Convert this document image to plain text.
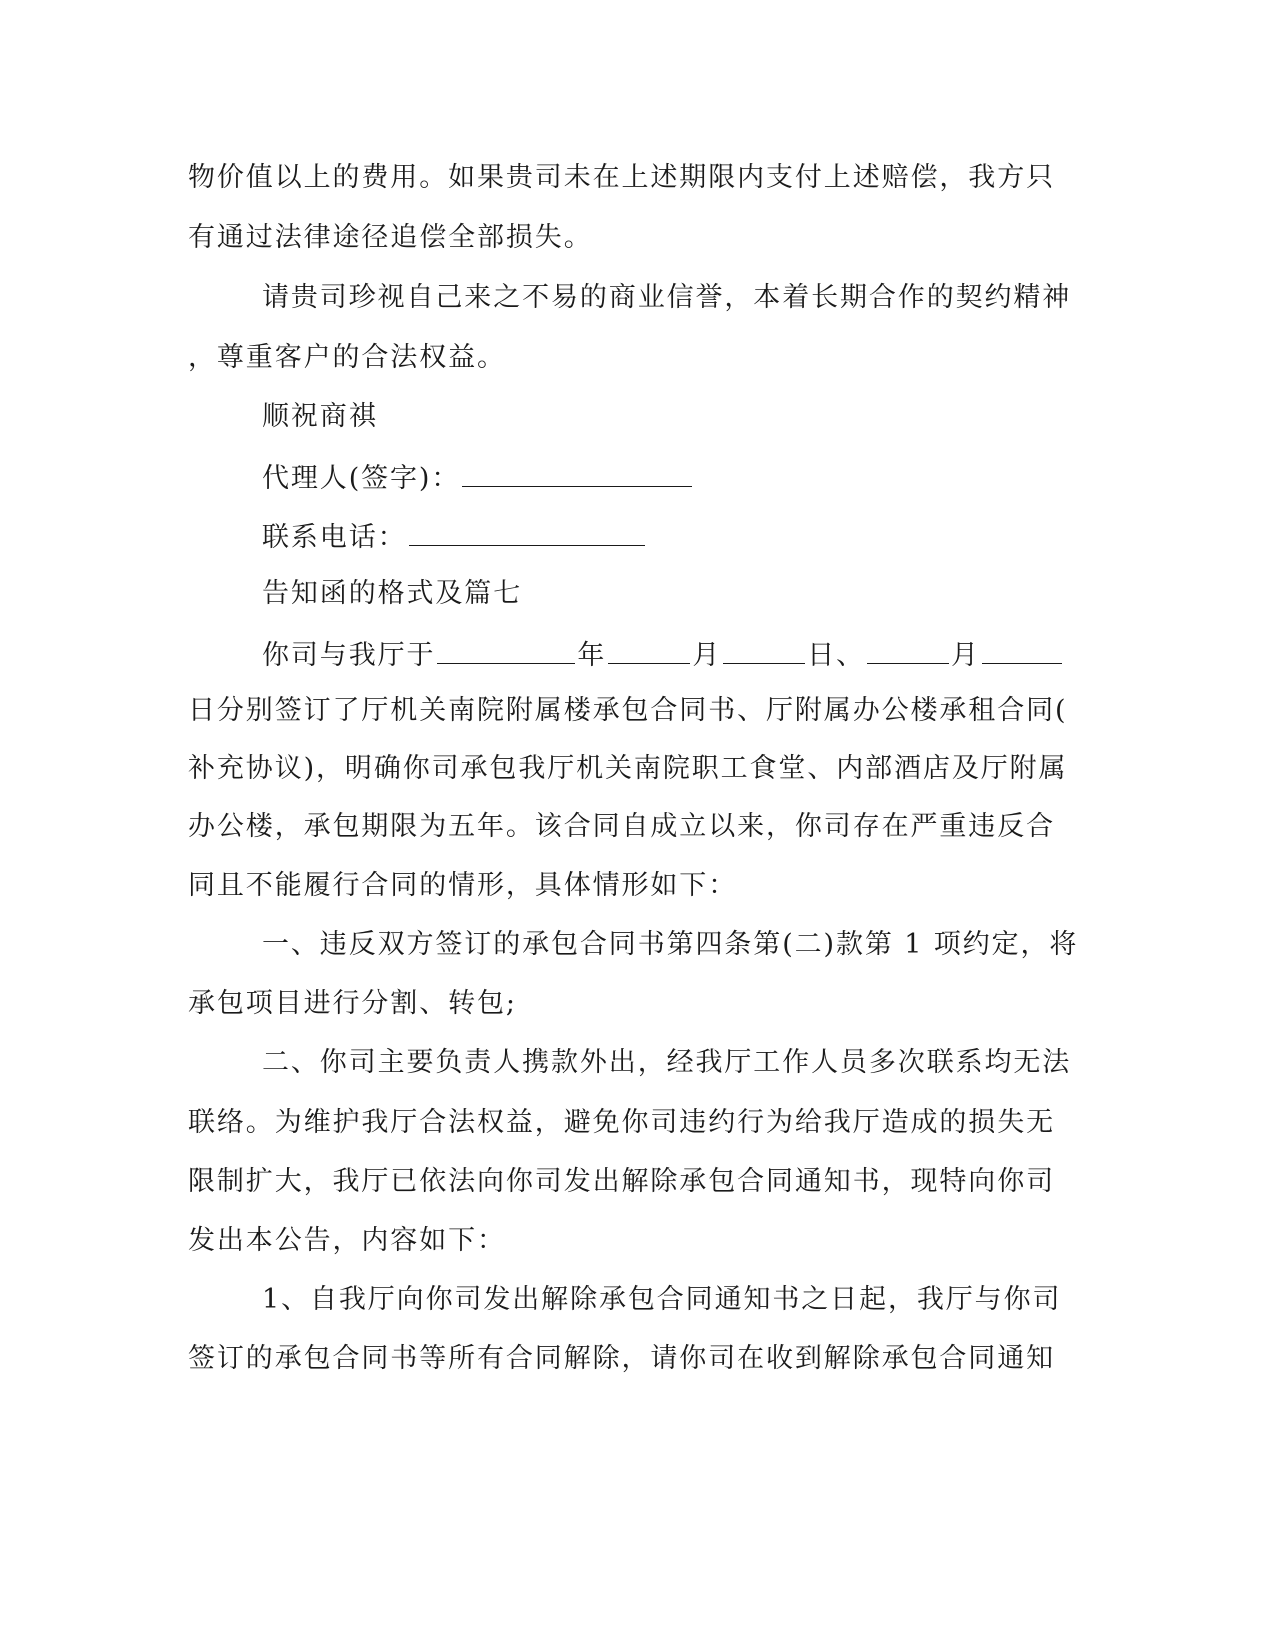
物价值以上的费用。如果贵司未在上述期限内支付上述赔偿，我方只
有通过法律途径追偿全部损失。
请贵司珍视自己来之不易的商业信誉，本着长期合作的契约精神
，尊重客户的合法权益。
顺祝商祺
代理人(签字)：
联系电话：
告知函的格式及篇七
你司与我厅于	年	月	日、	月
日分别签订了厅机关南院附属楼承包合同书、厅附属办公楼承租合同(
补充协议)，明确你司承包我厅机关南院职工食堂、内部酒店及厅附属
办公楼，承包期限为五年。该合同自成立以来，你司存在严重违反合
同且不能履行合同的情形，具体情形如下：
一、违反双方签订的承包合同书第四条第(二)款第 1 项约定，将
承包项目进行分割、转包;
二、你司主要负责人携款外出，经我厅工作人员多次联系均无法
联络。为维护我厅合法权益，避免你司违约行为给我厅造成的损失无
限制扩大，我厅已依法向你司发出解除承包合同通知书，现特向你司
发出本公告，内容如下：
1、自我厅向你司发出解除承包合同通知书之日起，我厅与你司
签订的承包合同书等所有合同解除，请你司在收到解除承包合同通知
